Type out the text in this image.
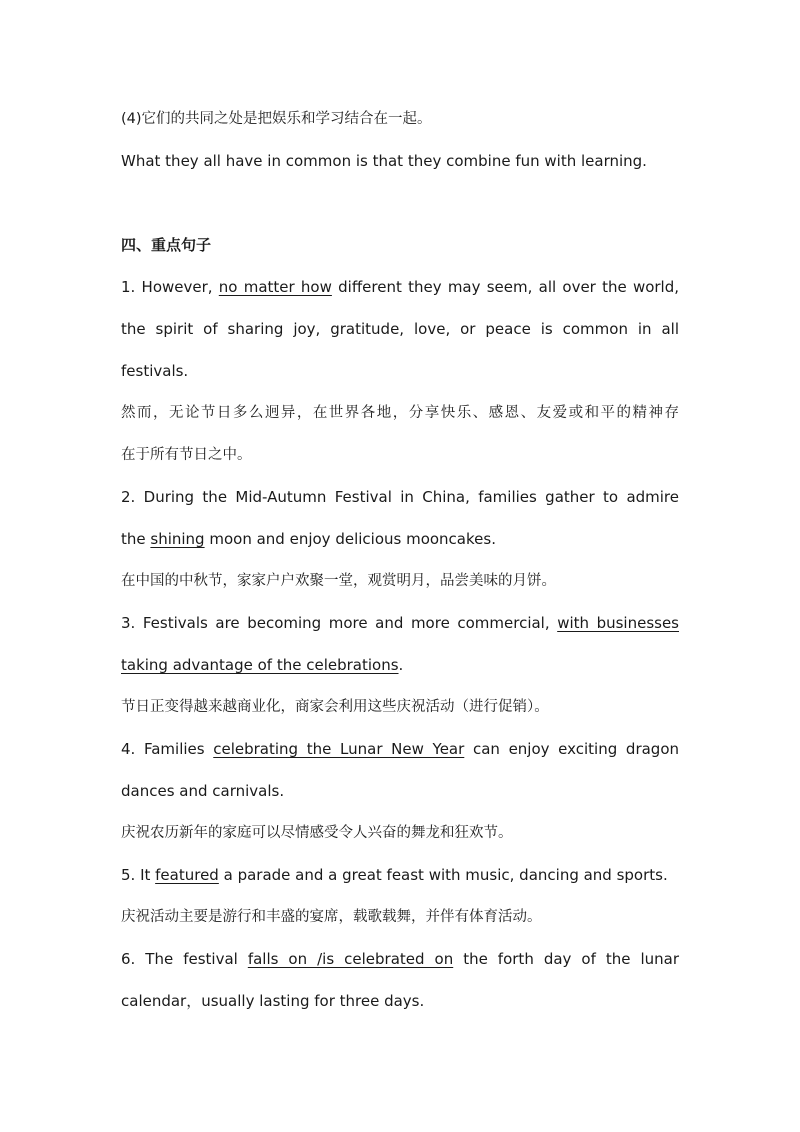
(4)它们的共同之处是把娱乐和学习结合在一起。
What they all have in common is that they combine fun with learning.
四、重点句子
1. However, no matter how different they may seem, all over the world,
the spirit of sharing joy, gratitude, love, or peace is common in all
festivals.
然而，无论节日多么迥异，在世界各地，分享快乐、感恩、友爱或和平的精神存
在于所有节日之中。
2. During the Mid-Autumn Festival in China, families gather to admire
the shining moon and enjoy delicious mooncakes.
在中国的中秋节，家家户户欢聚一堂，观赏明月，品尝美味的月饼。
3. Festivals are becoming more and more commercial, with businesses
taking advantage of the celebrations.
节日正变得越来越商业化，商家会利用这些庆祝活动（进行促销）。
4. Families celebrating the Lunar New Year can enjoy exciting dragon
dances and carnivals.
庆祝农历新年的家庭可以尽情感受令人兴奋的舞龙和狂欢节。
5. It featured a parade and a great feast with music, dancing and sports.
庆祝活动主要是游行和丰盛的宴席，载歌载舞，并伴有体育活动。
6. The festival falls on /is celebrated on the forth day of the lunar
calendar，usually lasting for three days.
